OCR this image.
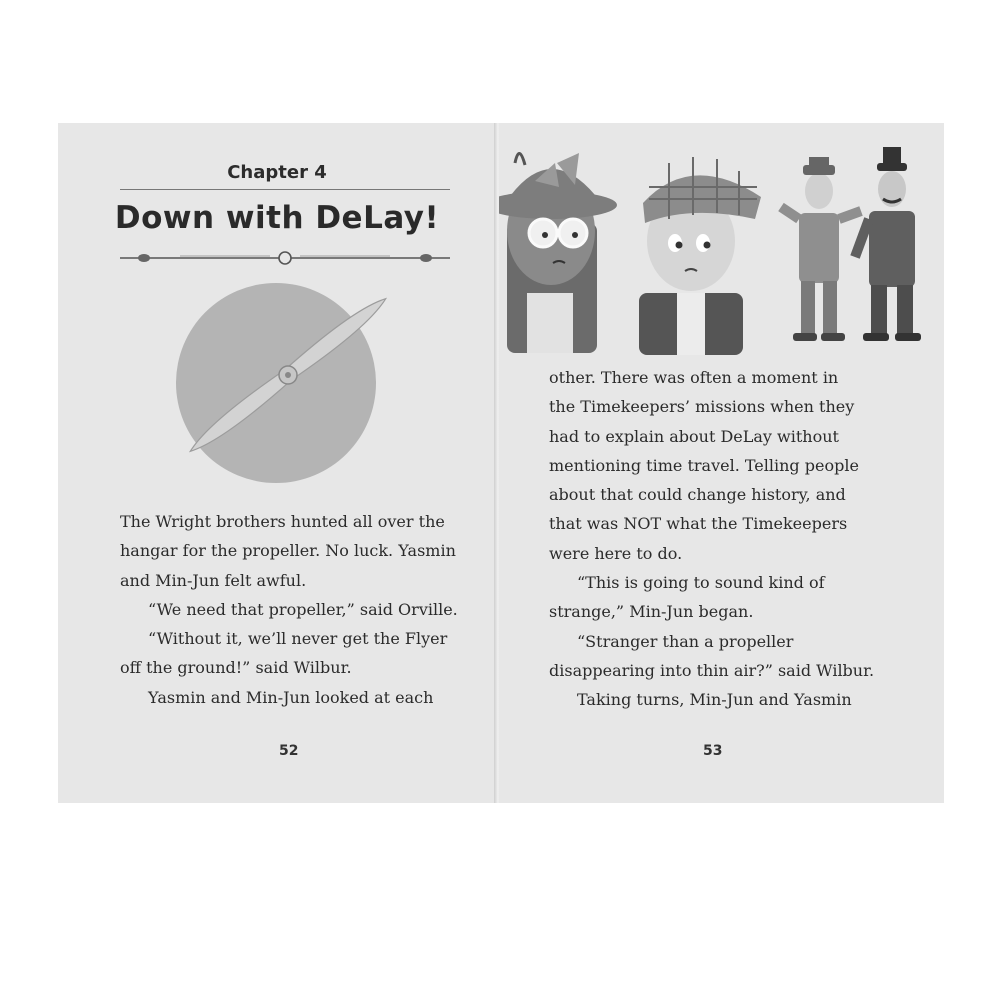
Chapter 4
Down with DeLay!

The Wright brothers hunted all over the

hangar for the propeller. No luck. Yasmin

and Min-Jun felt awful.

“We need that propeller,” said Orville.

“Without it, we’ll never get the Flyer

off the ground!” said Wilbur.

Yasmin and Min-Jun looked at each

52

other. There was often a moment in

the Timekeepers’ missions when they

had to explain about DeLay without

mentioning time travel. Telling people

about that could change history, and

that was NOT what the Timekeepers

were here to do.

“This is going to sound kind of

strange,” Min-Jun began.

“Stranger than a propeller

disappearing into thin air?” said Wilbur.

Taking turns, Min-Jun and Yasmin

53
